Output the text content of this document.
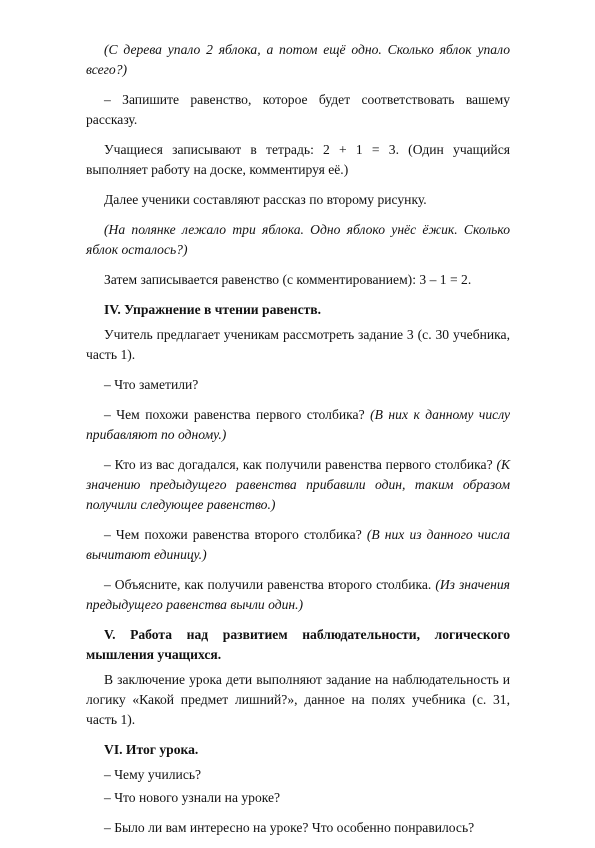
(С дерева упало 2 яблока, а потом ещё одно. Сколько яблок упало всего?)

– Запишите равенство, которое будет соответствовать вашему рассказу.

Учащиеся записывают в тетрадь: 2 + 1 = 3. (Один учащийся выполняет работу на доске, комментируя её.)

Далее ученики составляют рассказ по второму рисунку.

(На полянке лежало три яблока. Одно яблоко унёс ёжик. Сколько яблок осталось?)

Затем записывается равенство (с комментированием): 3 – 1 = 2.

IV. Упражнение в чтении равенств.

Учитель предлагает ученикам рассмотреть задание 3 (с. 30 учебника, часть 1).

– Что заметили?

– Чем похожи равенства первого столбика? (В них к данному числу прибавляют по одному.)

– Кто из вас догадался, как получили равенства первого столбика? (К значению предыдущего равенства прибавили один, таким образом получили следующее равенство.)

– Чем похожи равенства второго столбика? (В них из данного числа вычитают единицу.)

– Объясните, как получили равенства второго столбика. (Из значения предыдущего равенства вычли один.)

V. Работа над развитием наблюдательности, логического мышления учащихся.

В заключение урока дети выполняют задание на наблюдательность и логику «Какой предмет лишний?», данное на полях учебника (с. 31, часть 1).

VI. Итог урока.

– Чему учились?

– Что нового узнали на уроке?

– Было ли вам интересно на уроке? Что особенно понравилось?
